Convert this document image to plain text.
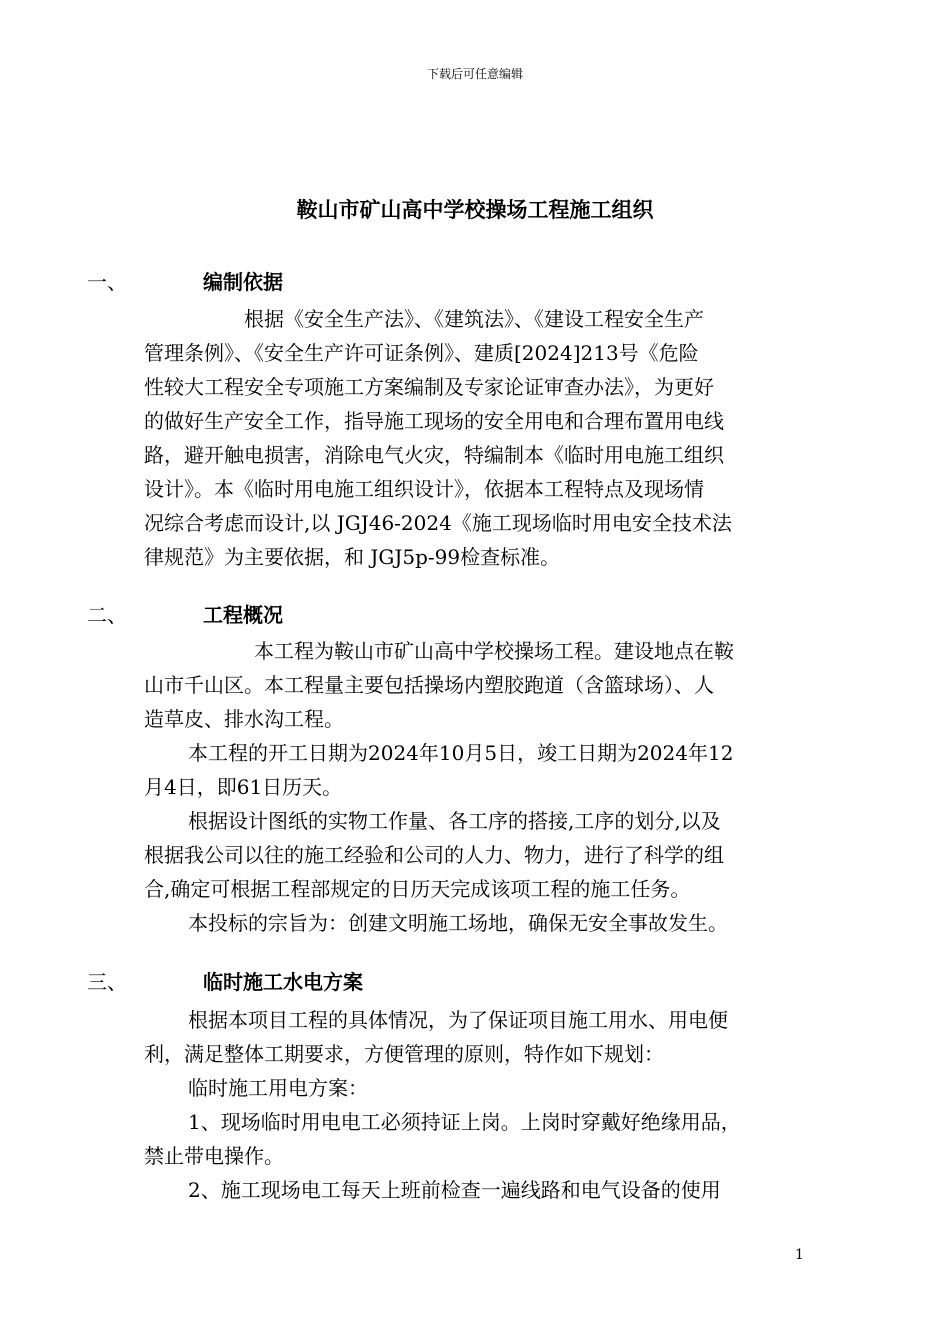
下载后可任意编辑
鞍山市矿山高中学校操场工程施工组织
一、	编制依据
根据《安全生产法》、《建筑法》、《建设工程安全生产
管理条例》、《安全生产许可证条例》、建质[2024]213号《危险
性较大工程安全专项施工方案编制及专家论证审查办法》，为更好
的做好生产安全工作，指导施工现场的安全用电和合理布置用电线
路，避开触电损害，消除电气火灾，特编制本《临时用电施工组织
设计》。本《临时用电施工组织设计》，依据本工程特点及现场情
况综合考虑而设计,以 JGJ46-2024《施工现场临时用电安全技术法
律规范》为主要依据，和 JGJ5p-99检查标准。
二、	工程概况
本工程为鞍山市矿山高中学校操场工程。建设地点在鞍
山市千山区。本工程量主要包括操场内塑胶跑道（含篮球场）、人
造草皮、排水沟工程。
本工程的开工日期为2024年10月5日，竣工日期为2024年12
月4日，即61日历天。
根据设计图纸的实物工作量、各工序的搭接,工序的划分,以及
根据我公司以往的施工经验和公司的人力、物力，进行了科学的组
合,确定可根据工程部规定的日历天完成该项工程的施工任务。
本投标的宗旨为：创建文明施工场地，确保无安全事故发生。
三、	临时施工水电方案
根据本项目工程的具体情况，为了保证项目施工用水、用电便
利，满足整体工期要求，方便管理的原则，特作如下规划：
临时施工用电方案：
1、现场临时用电电工必须持证上岗。上岗时穿戴好绝缘用品，
禁止带电操作。
2、施工现场电工每天上班前检查一遍线路和电气设备的使用
1
